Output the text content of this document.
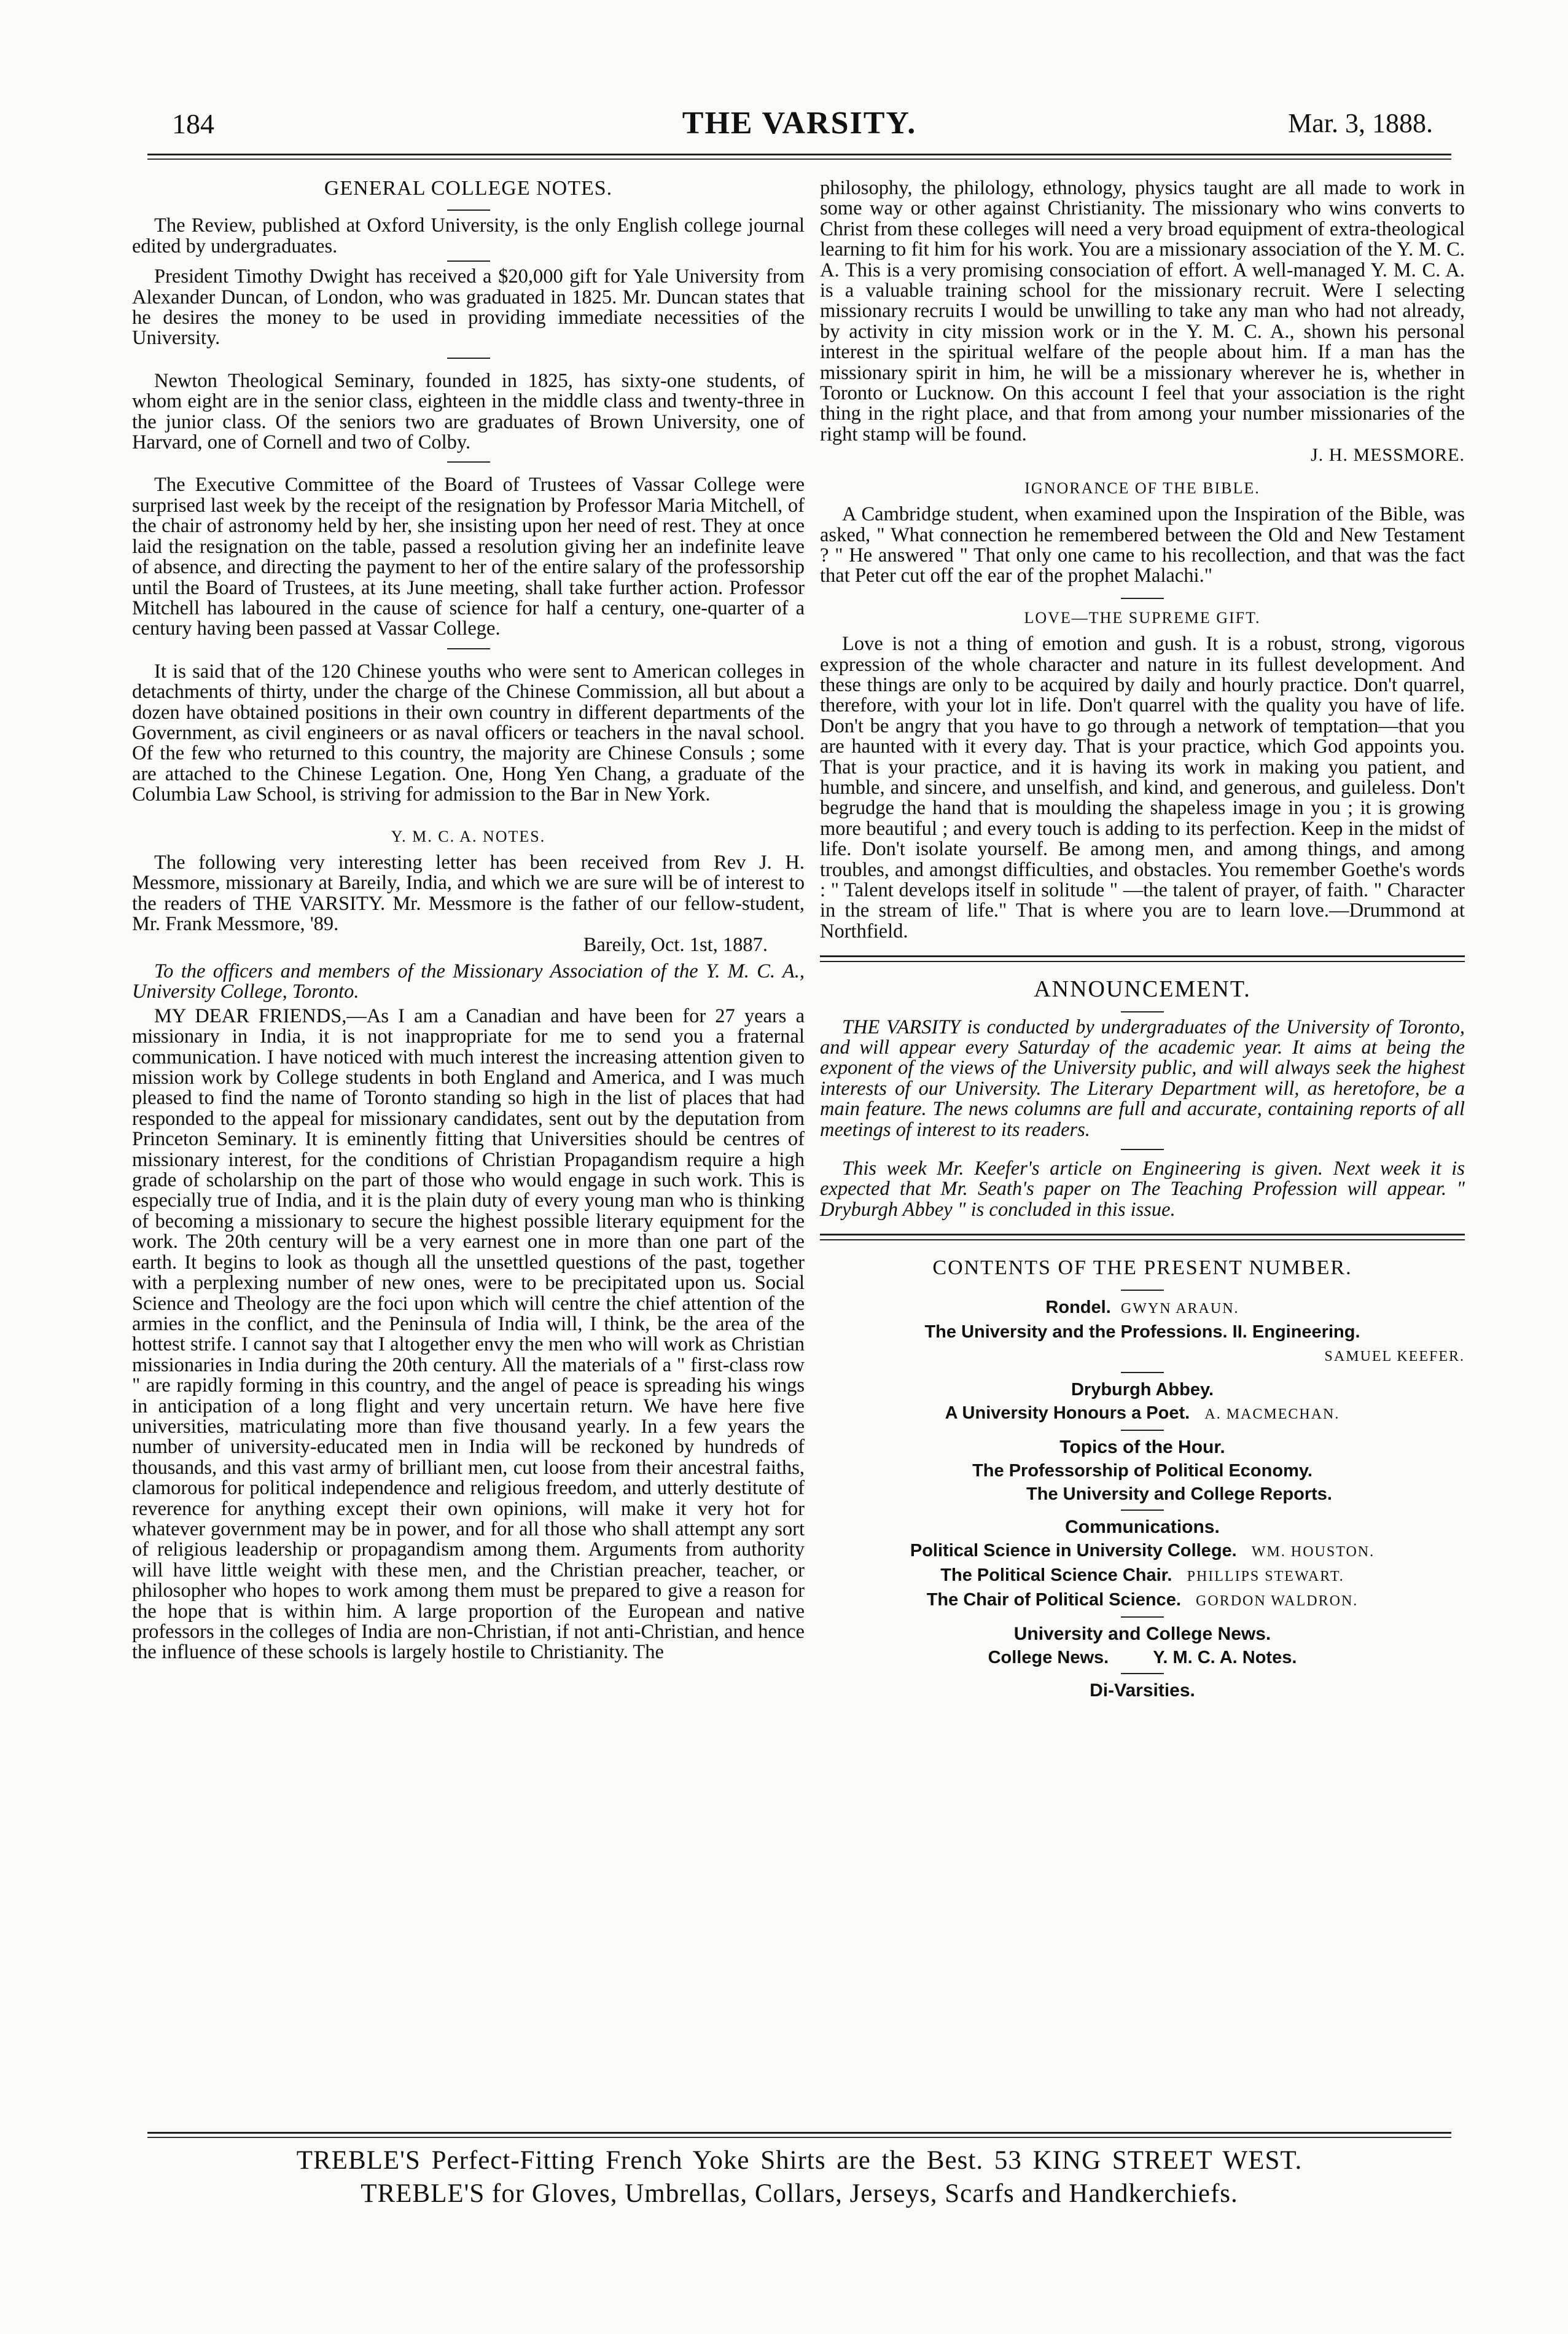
184	THE VARSITY.	Mar. 3, 1888.
GENERAL COLLEGE NOTES.

The Review, published at Oxford University, is the only English college journal edited by undergraduates.

President Timothy Dwight has received a $20,000 gift for Yale University from Alexander Duncan, of London, who was graduated in 1825. Mr. Duncan states that he desires the money to be used in providing immediate necessities of the University.

Newton Theological Seminary, founded in 1825, has sixty-one students, of whom eight are in the senior class, eighteen in the middle class and twenty-three in the junior class. Of the seniors two are graduates of Brown University, one of Harvard, one of Cornell and two of Colby.

The Executive Committee of the Board of Trustees of Vassar College were surprised last week by the receipt of the resignation by Professor Maria Mitchell, of the chair of astronomy held by her, she insisting upon her need of rest. They at once laid the resignation on the table, passed a resolution giving her an indefinite leave of absence, and directing the payment to her of the entire salary of the professorship until the Board of Trustees, at its June meeting, shall take further action. Professor Mitchell has laboured in the cause of science for half a century, one-quarter of a century having been passed at Vassar College.

It is said that of the 120 Chinese youths who were sent to American colleges in detachments of thirty, under the charge of the Chinese Commission, all but about a dozen have obtained positions in their own country in different departments of the Government, as civil engineers or as naval officers or teachers in the naval school. Of the few who returned to this country, the majority are Chinese Consuls ; some are attached to the Chinese Legation. One, Hong Yen Chang, a graduate of the Columbia Law School, is striving for admission to the Bar in New York.

Y. M. C. A. NOTES.

The following very interesting letter has been received from Rev J. H. Messmore, missionary at Bareily, India, and which we are sure will be of interest to the readers of THE VARSITY. Mr. Messmore is the father of our fellow-student, Mr. Frank Messmore, '89.

Bareily, Oct. 1st, 1887.

To the officers and members of the Missionary Association of the Y. M. C. A., University College, Toronto.

MY DEAR FRIENDS,—As I am a Canadian and have been for 27 years a missionary in India, it is not inappropriate for me to send you a fraternal communication. I have noticed with much interest the increasing attention given to mission work by College students in both England and America, and I was much pleased to find the name of Toronto standing so high in the list of places that had responded to the appeal for missionary candidates, sent out by the deputation from Princeton Seminary. It is eminently fitting that Universities should be centres of missionary interest, for the conditions of Christian Propagandism require a high grade of scholarship on the part of those who would engage in such work. This is especially true of India, and it is the plain duty of every young man who is thinking of becoming a missionary to secure the highest possible literary equipment for the work. The 20th century will be a very earnest one in more than one part of the earth. It begins to look as though all the unsettled questions of the past, together with a perplexing number of new ones, were to be precipitated upon us. Social Science and Theology are the foci upon which will centre the chief attention of the armies in the conflict, and the Peninsula of India will, I think, be the area of the hottest strife. I cannot say that I altogether envy the men who will work as Christian missionaries in India during the 20th century. All the materials of a " first-class row " are rapidly forming in this country, and the angel of peace is spreading his wings in anticipation of a long flight and very uncertain return. We have here five universities, matriculating more than five thousand yearly. In a few years the number of university-educated men in India will be reckoned by hundreds of thousands, and this vast army of brilliant men, cut loose from their ancestral faiths, clamorous for political independence and religious freedom, and utterly destitute of reverence for anything except their own opinions, will make it very hot for whatever government may be in power, and for all those who shall attempt any sort of religious leadership or propagandism among them. Arguments from authority will have little weight with these men, and the Christian preacher, teacher, or philosopher who hopes to work among them must be prepared to give a reason for the hope that is within him. A large proportion of the European and native professors in the colleges of India are non-Christian, if not anti-Christian, and hence the influence of these schools is largely hostile to Christianity. The

philosophy, the philology, ethnology, physics taught are all made to work in some way or other against Christianity. The missionary who wins converts to Christ from these colleges will need a very broad equipment of extra-theological learning to fit him for his work. You are a missionary association of the Y. M. C. A. This is a very promising consociation of effort. A well-managed Y. M. C. A. is a valuable training school for the missionary recruit. Were I selecting missionary recruits I would be unwilling to take any man who had not already, by activity in city mission work or in the Y. M. C. A., shown his personal interest in the spiritual welfare of the people about him. If a man has the missionary spirit in him, he will be a missionary wherever he is, whether in Toronto or Lucknow. On this account I feel that your association is the right thing in the right place, and that from among your number missionaries of the right stamp will be found.

J. H. MESSMORE.
IGNORANCE OF THE BIBLE.

A Cambridge student, when examined upon the Inspiration of the Bible, was asked, " What connection he remembered between the Old and New Testament ? " He answered " That only one came to his recollection, and that was the fact that Peter cut off the ear of the prophet Malachi."

LOVE—THE SUPREME GIFT.

Love is not a thing of emotion and gush. It is a robust, strong, vigorous expression of the whole character and nature in its fullest development. And these things are only to be acquired by daily and hourly practice. Don't quarrel, therefore, with your lot in life. Don't quarrel with the quality you have of life. Don't be angry that you have to go through a network of temptation—that you are haunted with it every day. That is your practice, which God appoints you. That is your practice, and it is having its work in making you patient, and humble, and sincere, and unselfish, and kind, and generous, and guileless. Don't begrudge the hand that is moulding the shapeless image in you ; it is growing more beautiful ; and every touch is adding to its perfection. Keep in the midst of life. Don't isolate yourself. Be among men, and among things, and among troubles, and amongst difficulties, and obstacles. You remember Goethe's words : " Talent develops itself in solitude " —the talent of prayer, of faith. " Character in the stream of life." That is where you are to learn love.—Drummond at Northfield.

ANNOUNCEMENT.

THE VARSITY is conducted by undergraduates of the University of Toronto, and will appear every Saturday of the academic year. It aims at being the exponent of the views of the University public, and will always seek the highest interests of our University. The Literary Department will, as heretofore, be a main feature. The news columns are full and accurate, containing reports of all meetings of interest to its readers.

This week Mr. Keefer's article on Engineering is given. Next week it is expected that Mr. Seath's paper on The Teaching Profession will appear. " Dryburgh Abbey " is concluded in this issue.

CONTENTS OF THE PRESENT NUMBER.
Rondel. GWYN ARAUN.
The University and the Professions. II. Engineering.
SAMUEL KEEFER.
Dryburgh Abbey.
A University Honours a Poet. A. MACMECHAN.
Topics of the Hour.
The Professorship of Political Economy.
The University and College Reports.
Communications.
Political Science in University College. WM. HOUSTON.
The Political Science Chair. PHILLIPS STEWART.
The Chair of Political Science. GORDON WALDRON.
University and College News.
College News. Y. M. C. A. Notes.
Di-Varsities.
TREBLE'S Perfect-Fitting French Yoke Shirts are the Best. 53 KING STREET WEST.
TREBLE'S for Gloves, Umbrellas, Collars, Jerseys, Scarfs and Handkerchiefs.
